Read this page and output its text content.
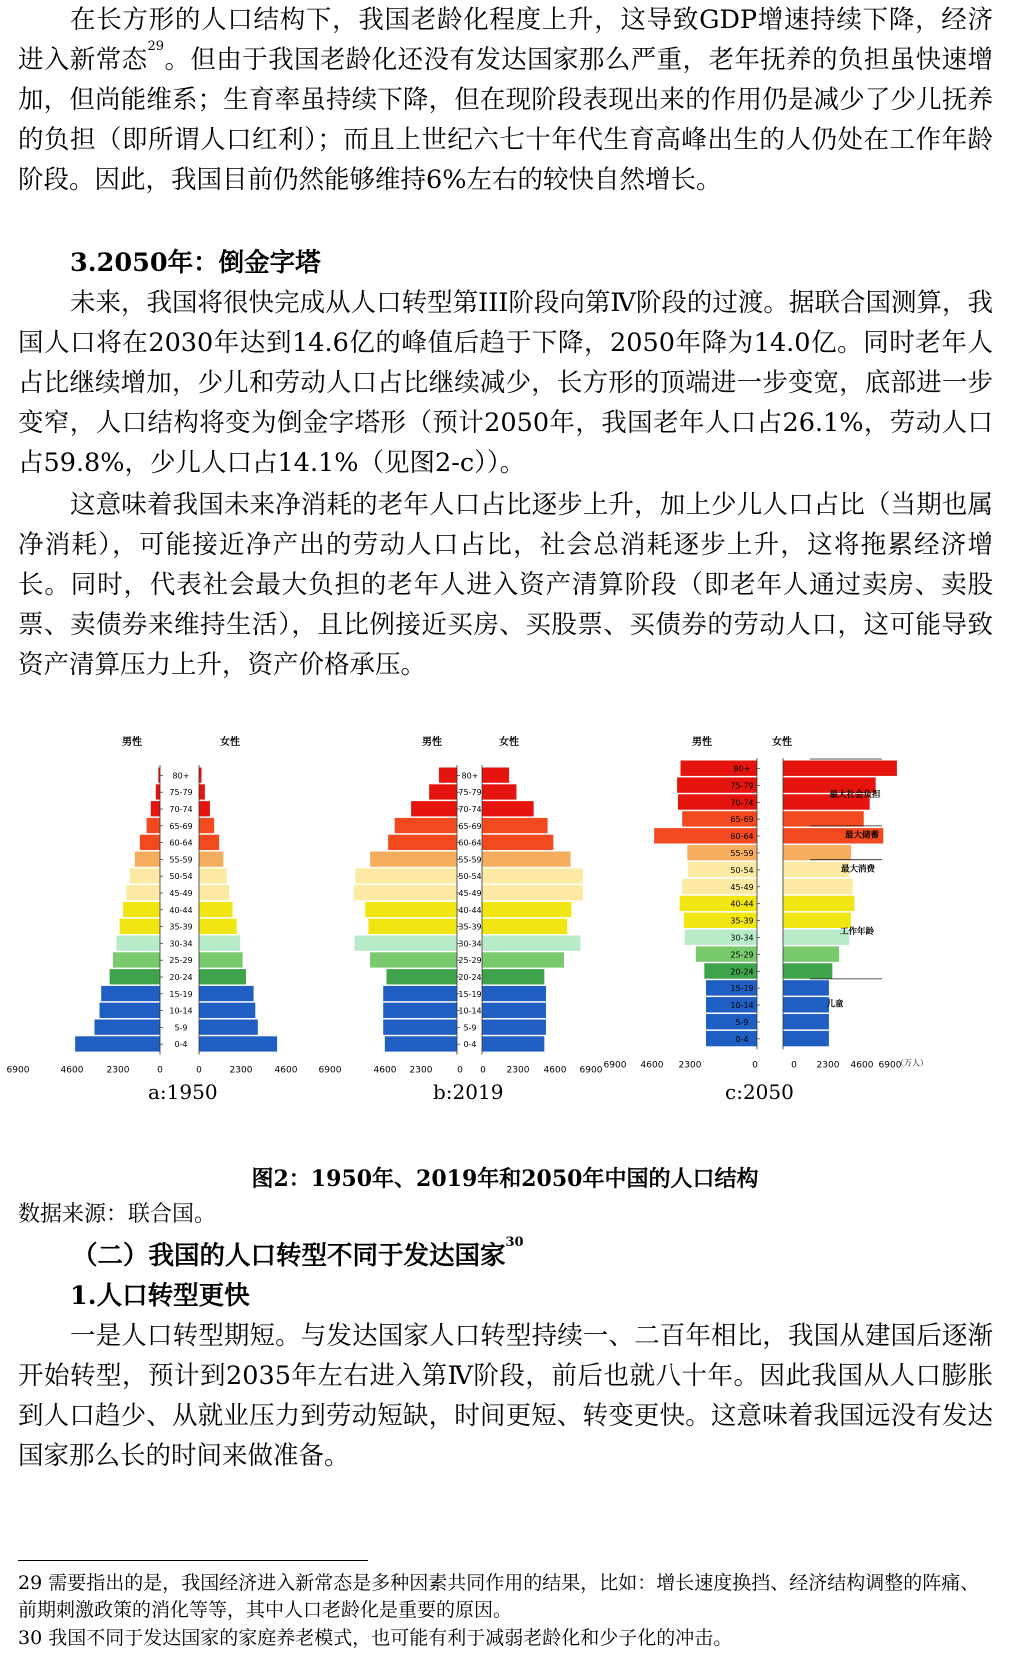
在长方形的人口结构下，我国老龄化程度上升，这导致GDP增速持续下降，经济进入新常态$^{29}$。但由于我国老龄化还没有发达国家那么严重，老年抚养的负担虽快速增加，但尚能维系；生育率虽持续下降，但在现阶段表现出来的作用仍是减少了少儿抚养的负担（即所谓人口红利）；而且上世纪六七十年代生育高峰出生的人仍处在工作年龄阶段。因此，我国目前仍然能够维持6%左右的较快自然增长。

3.2050年：倒金字塔

未来，我国将很快完成从人口转型第III阶段向第Ⅳ阶段的过渡。据联合国测算，我国人口将在2030年达到14.6亿的峰值后趋于下降，2050年降为14.0亿。同时老年人占比继续增加，少儿和劳动人口占比继续减少，长方形的顶端进一步变宽，底部进一步变窄，人口结构将变为倒金字塔形（预计2050年，我国老年人口占26.1%，劳动人口占59.8%，少儿人口占14.1%（见图2-c））。

这意味着我国未来净消耗的老年人口占比逐步上升，加上少儿人口占比（当期也属净消耗），可能接近净产出的劳动人口占比，社会总消耗逐步上升，这将拖累经济增长。同时，代表社会最大负担的老年人进入资产清算阶段（即老年人通过卖房、卖股票、卖债券来维持生活），且比例接近买房、买股票、买债券的劳动人口，这可能导致资产清算压力上升，资产价格承压。

男性	女性
0-4
5-9
10-14
15-19
20-24
25-29
30-34
35-39
40-44
45-49
50-54
55-59
60-64
65-69
70-74
75-79
80+
6900	4600	2300	0	0	2300 4600
男性	女性
0-4
5-9
10-14
15-19
20-24
25-29
30-34
35-39
40-44
45-49
50-54
55-59
60-64
65-69
70-74
75-79
80+
6900	4600 2300	0 0 2300 4600 6900
男性	女性
0-4
5-9
10-14
15-19
20-24
25-29
30-34
35-39
40-44
45-49
50-54
55-59
60-64
65-69
70-74
75-79
80+
6900 4600 2300	0	0 2300 4600 6900
（万人）
最大社会负担
最大储蓄
最大消费
工作年龄
儿童
a:1950	b:2019	c:2050
图2：1950年、2019年和2050年中国的人口结构
数据来源：联合国。
（二）我国的人口转型不同于发达国家$^{30}$
1.人口转型更快

一是人口转型期短。与发达国家人口转型持续一、二百年相比，我国从建国后逐渐开始转型，预计到2035年左右进入第Ⅳ阶段，前后也就八十年。因此我国从人口膨胀到人口趋少、从就业压力到劳动短缺，时间更短、转变更快。这意味着我国远没有发达国家那么长的时间来做准备。

29 需要指出的是，我国经济进入新常态是多种因素共同作用的结果，比如：增长速度换挡、经济结构调整的阵痛、前期刺激政策的消化等等，其中人口老龄化是重要的原因。
30 我国不同于发达国家的家庭养老模式，也可能有利于减弱老龄化和少子化的冲击。
